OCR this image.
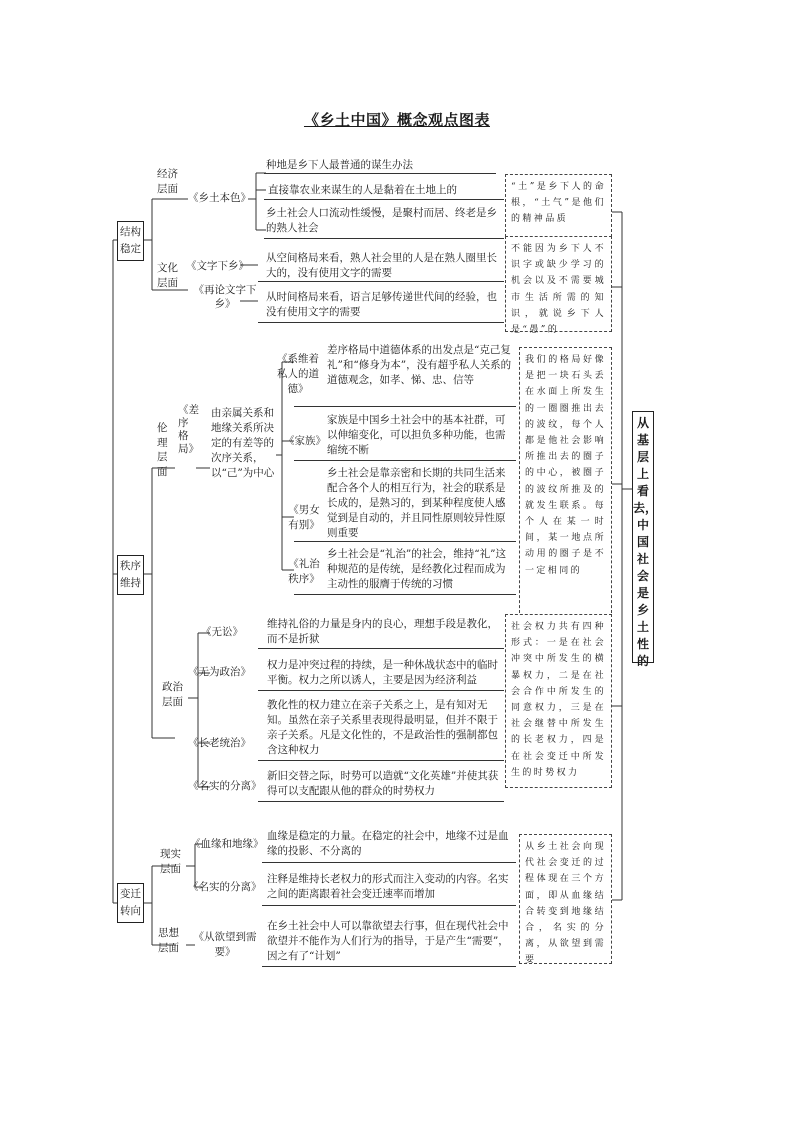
《乡土中国》概念观点图表
结构稳定
经济层面
《乡土本色》
种地是乡下人最普通的谋生办法
直接靠农业来谋生的人是黏着在土地上的
乡土社会人口流动性缓慢，是聚村而居、终老是乡的熟人社会
文化层面
《文字下乡》
《再论文字下乡》
从空间格局来看，熟人社会里的人是在熟人圈里长大的，没有使用文字的需要
从时间格局来看，语言足够传递世代间的经验，也没有使用文字的需要
“土”是乡下人的命根，“土气”是他们的精神品质
不能因为乡下人不识字或缺少学习的机会以及不需要城市生活所需的知识，就说乡下人是“愚”的
秩序维持
伦理层面
《差序格局》
由亲属关系和地缘关系所决定的有差等的次序关系，以“己”为中心
《系维着私人的道德》
差序格局中道德体系的出发点是“克己复礼”和“修身为本”，没有超乎私人关系的道德观念，如孝、悌、忠、信等
《家族》
家族是中国乡土社会中的基本社群，可以伸缩变化，可以担负多种功能，也需缩统不断
《男女有别》
乡土社会是靠亲密和长期的共同生活来配合各个人的相互行为，社会的联系是长成的，是熟习的，到某种程度使人感觉到是自动的，并且同性原则较异性原则重要
《礼治秩序》
乡土社会是“礼治”的社会，维持“礼”这种规范的是传统，是经教化过程而成为主动性的服膺于传统的习惯
我们的格局好像是把一块石头丢在水面上所发生的一圈圈推出去的波纹，每个人都是他社会影响所推出去的圈子的中心，被圈子的波纹所推及的就发生联系。每个人在某一时间，某一地点所动用的圈子是不一定相同的
政治层面
《无讼》
维持礼俗的力量是身内的良心，理想手段是教化，而不是折狱
《无为政治》
权力是冲突过程的持续，是一种休战状态中的临时平衡。权力之所以诱人，主要是因为经济利益
《长老统治》
教化性的权力建立在亲子关系之上，是有知对无知。虽然在亲子关系里表现得最明显，但并不限于亲子关系。凡是文化性的，不是政治性的强制都包含这种权力
《名实的分离》
新旧交替之际，时势可以造就“文化英雄”并使其获得可以支配跟从他的群众的时势权力
社会权力共有四种形式：一是在社会冲突中所发生的横暴权力，二是在社会合作中所发生的同意权力，三是在社会继替中所发生的长老权力，四是在社会变迁中所发生的时势权力
变迁转向
现实层面
《血缘和地缘》
血缘是稳定的力量。在稳定的社会中，地缘不过是血缘的投影、不分离的
《名实的分离》
注释是维持长老权力的形式而注入变动的内容。名实之间的距离跟着社会变迁速率而增加
思想层面
《从欲望到需要》
在乡土社会中人可以靠欲望去行事，但在现代社会中欲望并不能作为人们行为的指导，于是产生“需要”，因之有了“计划”
从乡土社会向现代社会变迁的过程体现在三个方面，即从血缘结合转变到地缘结合，名实的分离，从欲望到需要
从基层上看去，中国社会是乡土性的
